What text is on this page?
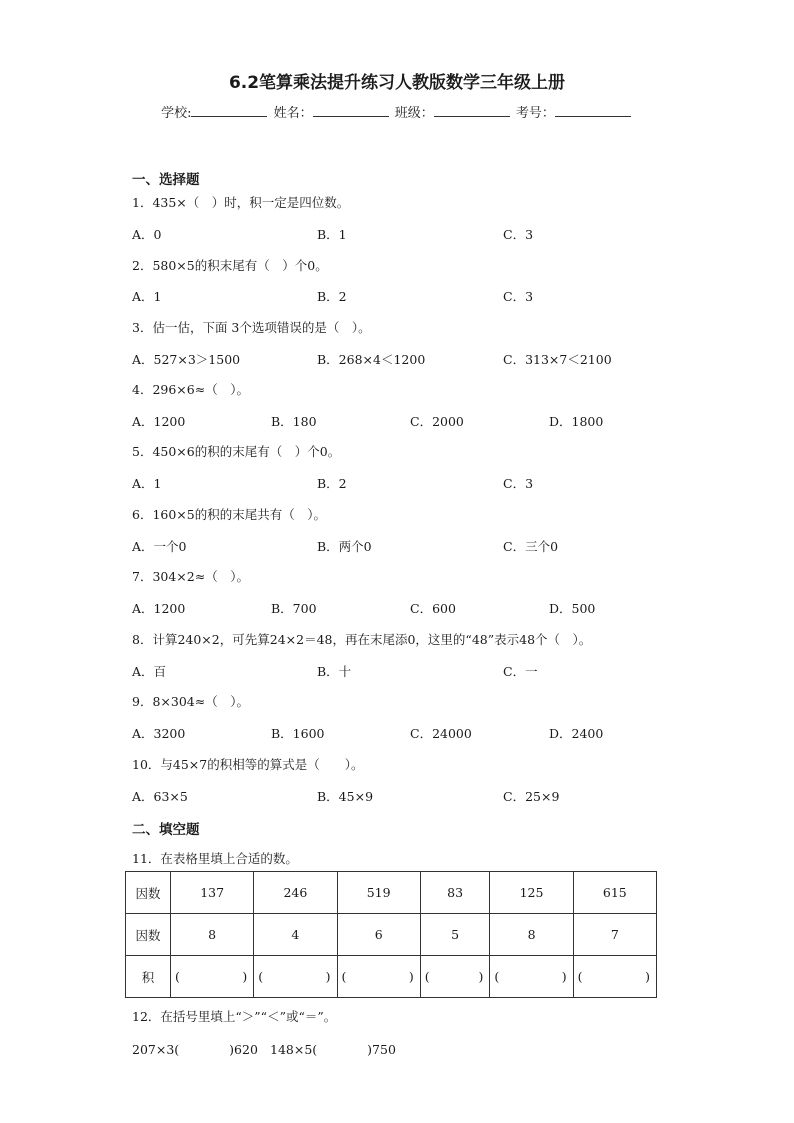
6.2笔算乘法提升练习人教版数学三年级上册
学校:	姓名：	班级：	考号：
一、选择题
1．435×（　）时，积一定是四位数。
A．0	B．1	C．3
2．580×5的积末尾有（　）个0。
A．1	B．2	C．3
3．估一估，下面 3个选项错误的是（　）。
A．527×3＞1500	B．268×4＜1200	C．313×7＜2100
4．296×6≈（　）。
A．1200	B．180	C．2000	D．1800
5．450×6的积的末尾有（　）个0。
A．1	B．2	C．3
6．160×5的积的末尾共有（　）。
A．一个0	B．两个0	C．三个0
7．304×2≈（　）。
A．1200	B．700	C．600	D．500
8．计算240×2，可先算24×2＝48，再在末尾添0，这里的“48”表示48个（　）。
A．百	B．十	C．一
9．8×304≈（　）。
A．3200	B．1600	C．24000	D．2400
10．与45×7的积相等的算式是（　　）。
A．63×5	B．45×9	C．25×9
二、填空题
11．在表格里填上合适的数。
因数	137	246	519	83	125	615
因数	8	4	6	5	8	7
积	( )	( )	( )	( )	( )	( )
12．在括号里填上“＞”“＜”或“＝”。
207×3(　　　　)620 148×5(　　　　)750
